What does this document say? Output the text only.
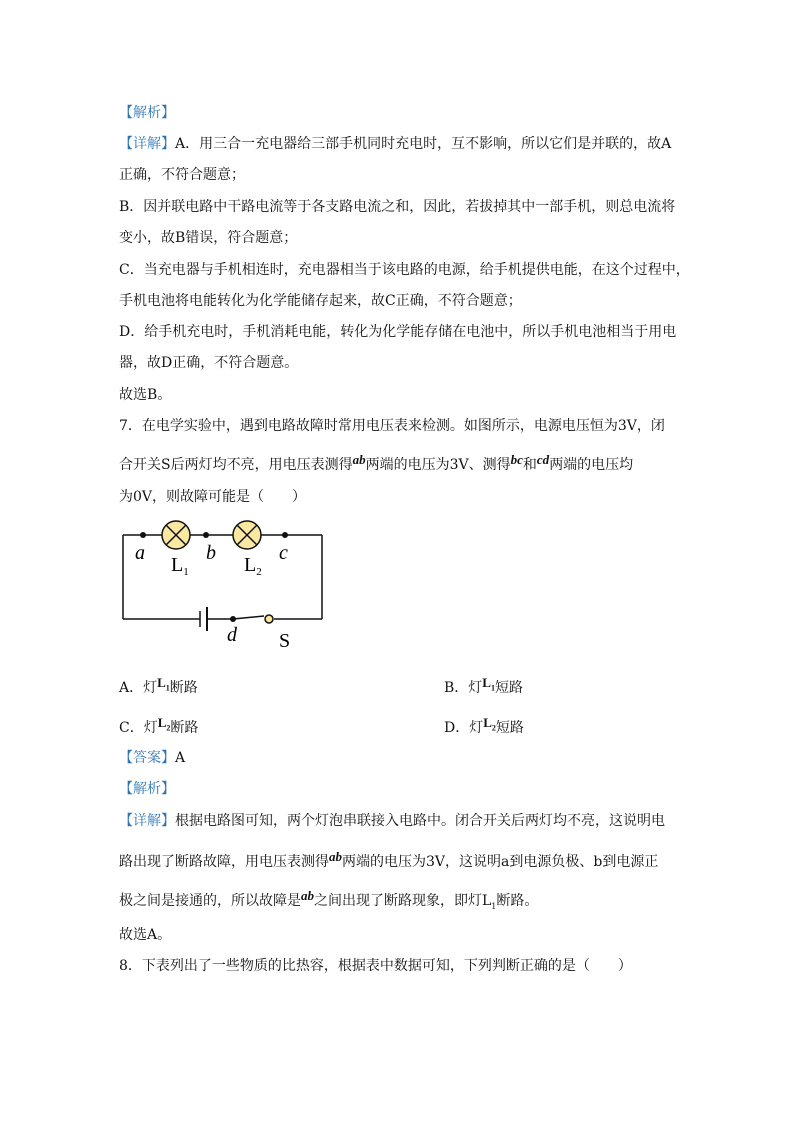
【解析】
【详解】A．用三合一充电器给三部手机同时充电时，互不影响，所以它们是并联的，故A
正确，不符合题意；
B．因并联电路中干路电流等于各支路电流之和，因此，若拔掉其中一部手机，则总电流将
变小，故B错误，符合题意；
C．当充电器与手机相连时，充电器相当于该电路的电源，给手机提供电能，在这个过程中，
手机电池将电能转化为化学能储存起来，故C正确，不符合题意；
D．给手机充电时，手机消耗电能，转化为化学能存储在电池中，所以手机电池相当于用电
器，故D正确，不符合题意。
故选B。
7．在电学实验中，遇到电路故障时常用电压表来检测。如图所示，电源电压恒为3V，闭
合开关S后两灯均不亮，用电压表测得ab两端的电压为3V、测得bc和cd两端的电压均
为0V，则故障可能是（　　）
a	b	c
d
$L_1$	$L_2$
S
A．灯$L_1$断路	B．灯$L_1$短路
C．灯$L_2$断路	D．灯$L_2$短路
【答案】A
【解析】
【详解】根据电路图可知，两个灯泡串联接入电路中。闭合开关后两灯均不亮，这说明电
路出现了断路故障，用电压表测得ab两端的电压为3V，这说明a到电源负极、b到电源正
极之间是接通的，所以故障是ab之间出现了断路现象，即灯$L_1$断路。
故选A。
8．下表列出了一些物质的比热容，根据表中数据可知，下列判断正确的是（　　）
